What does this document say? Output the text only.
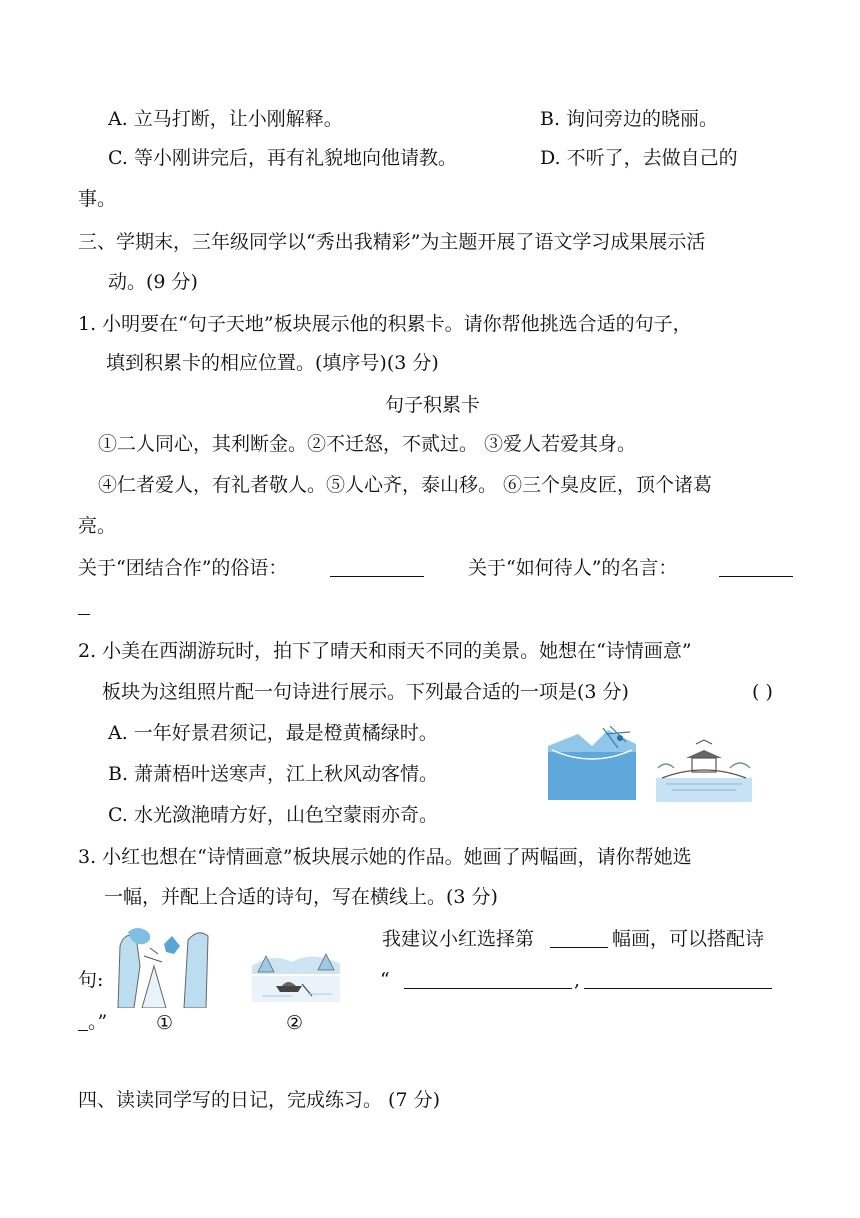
A. 立马打断，让小刚解释。	B. 询问旁边的晓丽。
C. 等小刚讲完后，再有礼貌地向他请教。	D. 不听了，去做自己的
事。
三、学期末，三年级同学以“秀出我精彩”为主题开展了语文学习成果展示活
动。(9 分)
1. 小明要在“句子天地”板块展示他的积累卡。请你帮他挑选合适的句子，
填到积累卡的相应位置。(填序号)(3 分)
句子积累卡
①二人同心，其利断金。②不迁怒，不贰过。 ③爱人若爱其身。
④仁者爱人，有礼者敬人。⑤人心齐，泰山移。 ⑥三个臭皮匠，顶个诸葛
亮。
关于“团结合作”的俗语：	关于“如何待人”的名言：
2. 小美在西湖游玩时，拍下了晴天和雨天不同的美景。她想在“诗情画意”
板块为这组照片配一句诗进行展示。下列最合适的一项是(3 分)	( )
A. 一年好景君须记，最是橙黄橘绿时。
B. 萧萧梧叶送寒声，江上秋风动客情。
C. 水光潋滟晴方好，山色空蒙雨亦奇。
3. 小红也想在“诗情画意”板块展示她的作品。她画了两幅画，请你帮她选
一幅，并配上合适的诗句，写在横线上。(3 分)
我建议小红选择第	幅画，可以搭配诗
句:	“	,
。”	①	②
四、读读同学写的日记，完成练习。 (7 分)
